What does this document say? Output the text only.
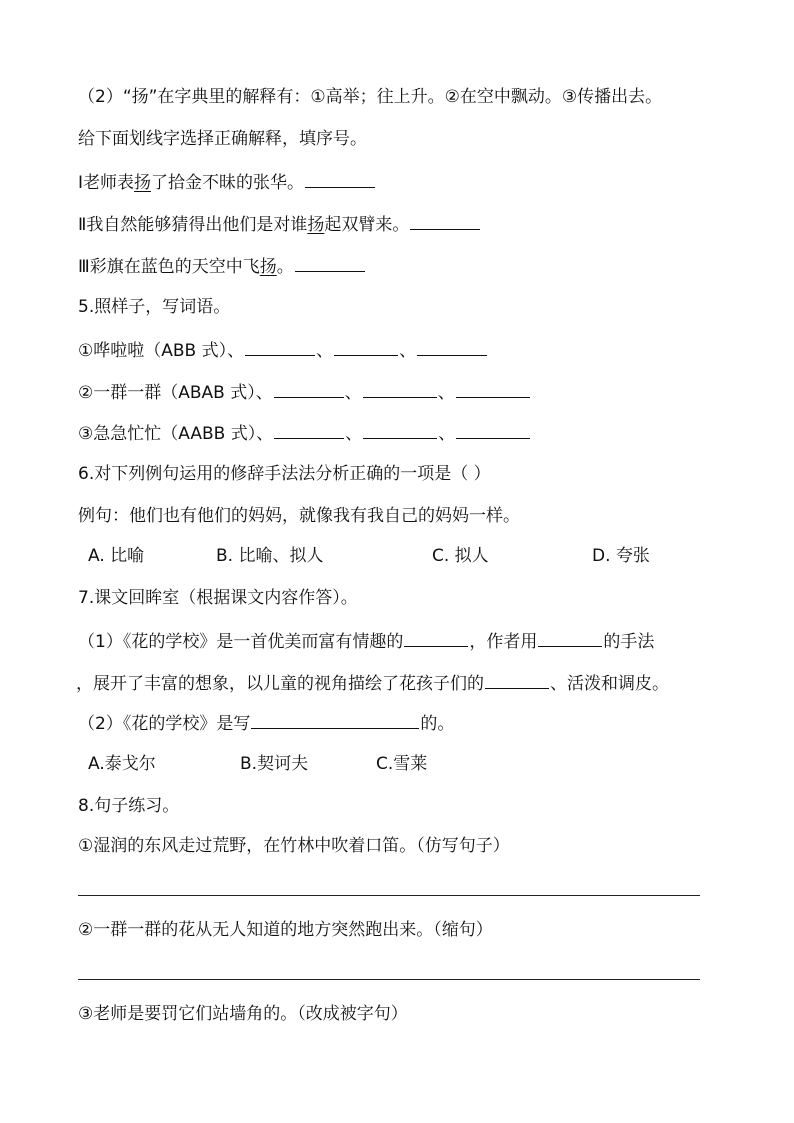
（2）“扬”在字典里的解释有：①高举；往上升。②在空中飘动。③传播出去。
给下面划线字选择正确解释，填序号。
Ⅰ老师表扬了拾金不昧的张华。
Ⅱ我自然能够猜得出他们是对谁扬起双臂来。
Ⅲ彩旗在蓝色的天空中飞扬。
5.照样子，写词语。
①哗啦啦（ABB 式）、	、	、
②一群一群（ABAB 式）、	、	、
③急急忙忙（AABB 式）、	、	、
6.对下列例句运用的修辞手法法分析正确的一项是（ ）
例句：他们也有他们的妈妈，就像我有我自己的妈妈一样。
A. 比喻	B. 比喻、拟人	C. 拟人	D. 夸张
7.课文回眸室（根据课文内容作答）。
（1）《花的学校》是一首优美而富有情趣的	，作者用	的手法
，展开了丰富的想象，以儿童的视角描绘了花孩子们的	、活泼和调皮。
（2）《花的学校》是写	的。
A.泰戈尔	B.契诃夫	C.雪莱
8.句子练习。
①湿润的东风走过荒野，在竹林中吹着口笛。（仿写句子）
②一群一群的花从无人知道的地方突然跑出来。（缩句）
③老师是要罚它们站墙角的。（改成被字句）
